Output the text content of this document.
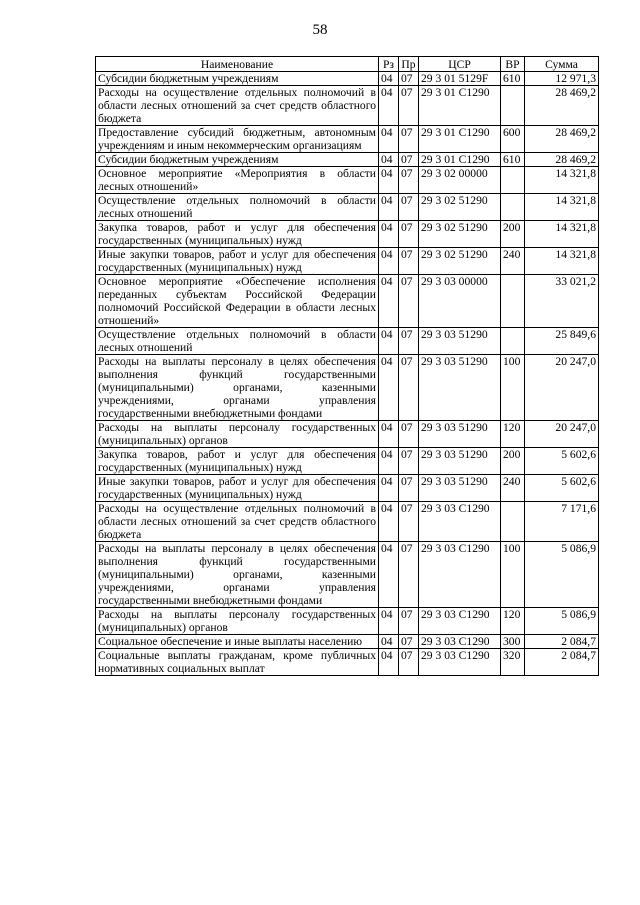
58
Наименование	Рз	Пр	ЦСР	ВР	Сумма
Субсидии бюджетным учреждениям	04	07	29 3 01 5129F	610	12 971,3
Расходы на осуществление отдельных полномочий в области лесных отношений за счет средств областного бюджета	04	07	29 3 01 С1290		28 469,2
Предоставление субсидий бюджетным, автономным учреждениям и иным некоммерческим организациям	04	07	29 3 01 С1290	600	28 469,2
Субсидии бюджетным учреждениям	04	07	29 3 01 С1290	610	28 469,2
Основное мероприятие «Мероприятия в области лесных отношений»	04	07	29 3 02 00000		14 321,8
Осуществление отдельных полномочий в области лесных отношений	04	07	29 3 02 51290		14 321,8
Закупка товаров, работ и услуг для обеспечения государственных (муниципальных) нужд	04	07	29 3 02 51290	200	14 321,8
Иные закупки товаров, работ и услуг для обеспечения государственных (муниципальных) нужд	04	07	29 3 02 51290	240	14 321,8
Основное мероприятие «Обеспечение исполнения переданных субъектам Российской Федерации полномочий Российской Федерации в области лесных отношений»	04	07	29 3 03 00000		33 021,2
Осуществление отдельных полномочий в области лесных отношений	04	07	29 3 03 51290		25 849,6
Расходы на выплаты персоналу в целях обеспечения выполнения функций государственными (муниципальными) органами, казенными учреждениями, органами управления государственными внебюджетными фондами	04	07	29 3 03 51290	100	20 247,0
Расходы на выплаты персоналу государственных (муниципальных) органов	04	07	29 3 03 51290	120	20 247,0
Закупка товаров, работ и услуг для обеспечения государственных (муниципальных) нужд	04	07	29 3 03 51290	200	5 602,6
Иные закупки товаров, работ и услуг для обеспечения государственных (муниципальных) нужд	04	07	29 3 03 51290	240	5 602,6
Расходы на осуществление отдельных полномочий в области лесных отношений за счет средств областного бюджета	04	07	29 3 03 С1290		7 171,6
Расходы на выплаты персоналу в целях обеспечения выполнения функций государственными (муниципальными) органами, казенными учреждениями, органами управления государственными внебюджетными фондами	04	07	29 3 03 С1290	100	5 086,9
Расходы на выплаты персоналу государственных (муниципальных) органов	04	07	29 3 03 С1290	120	5 086,9
Социальное обеспечение и иные выплаты населению	04	07	29 3 03 С1290	300	2 084,7
Социальные выплаты гражданам, кроме публичных нормативных социальных выплат	04	07	29 3 03 С1290	320	2 084,7
